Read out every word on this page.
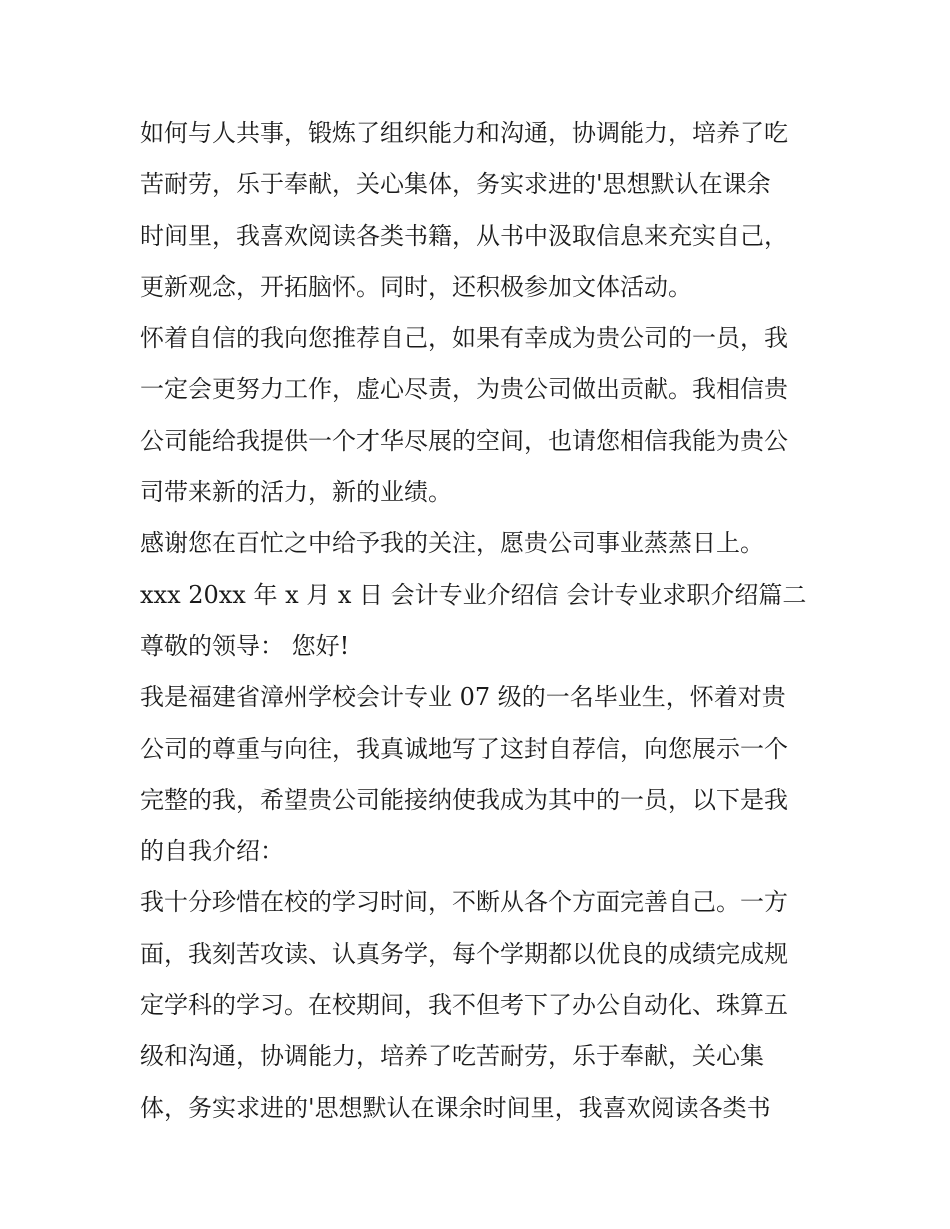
如何与人共事，锻炼了组织能力和沟通，协调能力，培养了吃
苦耐劳，乐于奉献，关心集体，务实求进的'思想默认在课余
时间里，我喜欢阅读各类书籍，从书中汲取信息来充实自己，
更新观念，开拓脑怀。同时，还积极参加文体活动。
怀着自信的我向您推荐自己，如果有幸成为贵公司的一员，我
一定会更努力工作，虚心尽责，为贵公司做出贡献。我相信贵
公司能给我提供一个才华尽展的空间，也请您相信我能为贵公
司带来新的活力，新的业绩。
感谢您在百忙之中给予我的关注，愿贵公司事业蒸蒸日上。
xxx 20xx 年 x 月 x 日 会计专业介绍信 会计专业求职介绍篇二
尊敬的领导： 您好!
我是福建省漳州学校会计专业 07 级的一名毕业生，怀着对贵
公司的尊重与向往，我真诚地写了这封自荐信，向您展示一个
完整的我，希望贵公司能接纳使我成为其中的一员，以下是我
的自我介绍：
我十分珍惜在校的学习时间，不断从各个方面完善自己。一方
面，我刻苦攻读、认真务学，每个学期都以优良的成绩完成规
定学科的学习。在校期间，我不但考下了办公自动化、珠算五
级和沟通，协调能力，培养了吃苦耐劳，乐于奉献，关心集
体，务实求进的'思想默认在课余时间里，我喜欢阅读各类书
